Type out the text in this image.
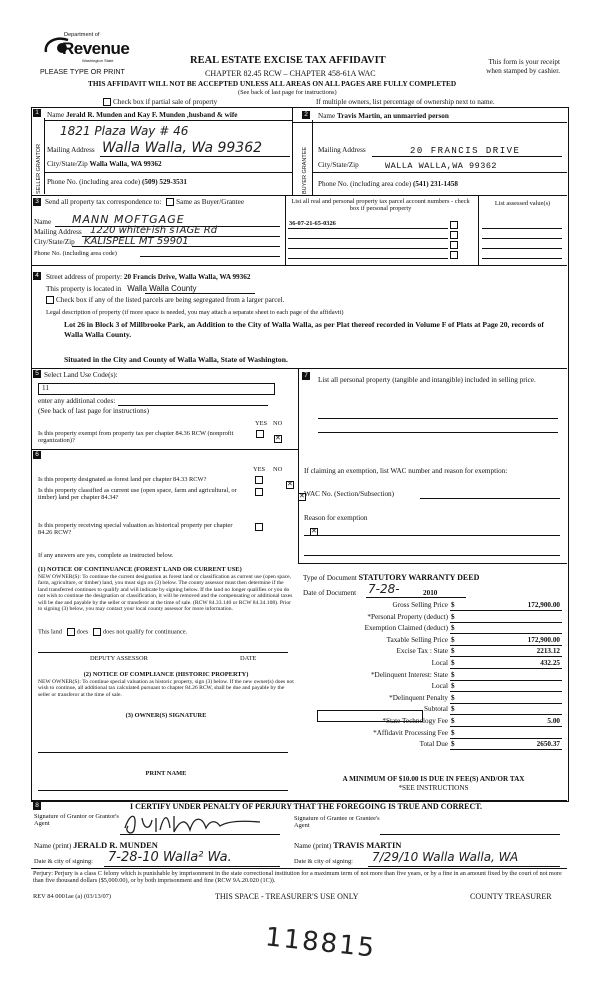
Department of
Revenue
Washington State
PLEASE TYPE OR PRINT
REAL ESTATE EXCISE TAX AFFIDAVIT
CHAPTER 82.45 RCW – CHAPTER 458-61A WAC
This form is your receipt
when stamped by cashier.
THIS AFFIDAVIT WILL NOT BE ACCEPTED UNLESS ALL AREAS ON ALL PAGES ARE FULLY COMPLETED
(See back of last page for instructions)
Check box if partial sale of property	If multiple owners, list percentage of ownership next to name.
1
SELLER GRANTOR
Name Jerald R. Munden and Kay F. Munden ,husband & wife
1821 Plaza Way # 46
Mailing Address Walla Walla, Wa 99362
City/State/Zip Walla Walla, WA 99362
Phone No. (including area code) (509) 529-3531
2
BUYER GRANTEE
Name Travis Martin, an unmarried person
Mailing Address	20 FRANCIS DRIVE
City/State/Zip	WALLA WALLA,WA 99362
Phone No. (including area code) (541) 231-1458
3 Send all property tax correspondence to: Same as Buyer/Grantee	List all real and personal property tax parcel account numbers - check box if personal property
List assessed value(s)
36-07-21-65-0326
Name MANN MOFTGAGE
Mailing Address 1220 whiteFish sTAGE Rd
City/State/Zip KALISPELL MT 59901
Phone No. (including area code)
4 Street address of property: 20 Francis Drive, Walla Walla, WA 99362
This property is located in Walla Walla County
Check box if any of the listed parcels are being segregated from a larger parcel.
Legal description of property (if more space is needed, you may attach a separate sheet to each page of the affidavit)
Lot 26 in Block 3 of Millbrooke Park, an Addition to the City of Walla Walla, as per Plat thereof recorded in Volume F of Plats at Page 20, records of Walla Walla County.
Situated in the City and County of Walla Walla, State of Washington.
5 Select Land Use Code(s):
11
enter any additional codes:
(See back of last page for instructions)
YES NO
Is this property exempt from property tax per chapter 84.36 RCW (nonprofit organization)?
✕
7
List all personal property (tangible and intangible) included in selling price.
If claiming an exemption, list WAC number and reason for exemption:
WAC No. (Section/Subsection)
Reason for exemption
6
YES NO
Is this property designated as forest land per chapter 84.33 RCW?
✕
Is this property classified as current use (open space, farm and agricultural, or timber) land per chapter 84.34?
✕
Is this property receiving special valuation as historical property per chapter 84.26 RCW?
✕
If any answers are yes, complete as instructed below.
(1) NOTICE OF CONTINUANCE (FOREST LAND OR CURRENT USE)
NEW OWNER(S): To continue the current designation as forest land or classification as current use (open space, farm, agriculture, or timber) land, you must sign on (3) below. The county assessor must then determine if the land transferred continues to qualify and will indicate by signing below. If the land no longer qualifies or you do not wish to continue the designation or classification, it will be removed and the compensating or additional taxes will be due and payable by the seller or transferor at the time of sale. (RCW 84.33.140 or RCW 84.34.108). Prior to signing (3) below, you may contact your local county assessor for more information.
This land does does not qualify for continuance.
DEPUTY ASSESSOR	DATE
(2) NOTICE OF COMPLIANCE (HISTORIC PROPERTY)
NEW OWNER(S): To continue special valuation as historic property, sign (3) below. If the new owner(s) does not wish to continue, all additional tax calculated pursuant to chapter 84.26 RCW, shall be due and payable by the seller or transferor at the time of sale.
(3) OWNER(S) SIGNATURE
PRINT NAME
Type of Document STATUTORY WARRANTY DEED
Date of Document 7-28-	2010
Gross Selling Price $	172,900.00
*Personal Property (deduct) $
Exemption Claimed (deduct) $
Taxable Selling Price $	172,900.00
Excise Tax : State $	2213.12
Local $	432.25
*Delinquent Interest: State $
Local $
*Delinquent Penalty $
Subtotal $
*State Technology Fee $	5.00
*Affidavit Processing Fee $
Total Due $	2650.37
A MINIMUM OF $10.00 IS DUE IN FEE(S) AND/OR TAX
*SEE INSTRUCTIONS
8	I CERTIFY UNDER PENALTY OF PERJURY THAT THE FOREGOING IS TRUE AND CORRECT.
Signature of Grantor or Grantor's Agent
Signature of Grantee or Grantee's Agent
Name (print) JERALD R. MUNDEN	Name (print) TRAVIS MARTIN
Date & city of signing: 7-28-10 Walla² Wa.	Date & city of signing: 7/29/10 Walla Walla, WA
Perjury: Perjury is a class C felony which is punishable by imprisonment in the state correctional institution for a maximum term of not more than five years, or by a fine in an amount fixed by the court of not more than five thousand dollars ($5,000.00), or by both imprisonment and fine (RCW 9A.20.020 (1C)).
REV 84 0001ae (a) (03/13/07)	THIS SPACE - TREASURER'S USE ONLY	COUNTY TREASURER
118815
